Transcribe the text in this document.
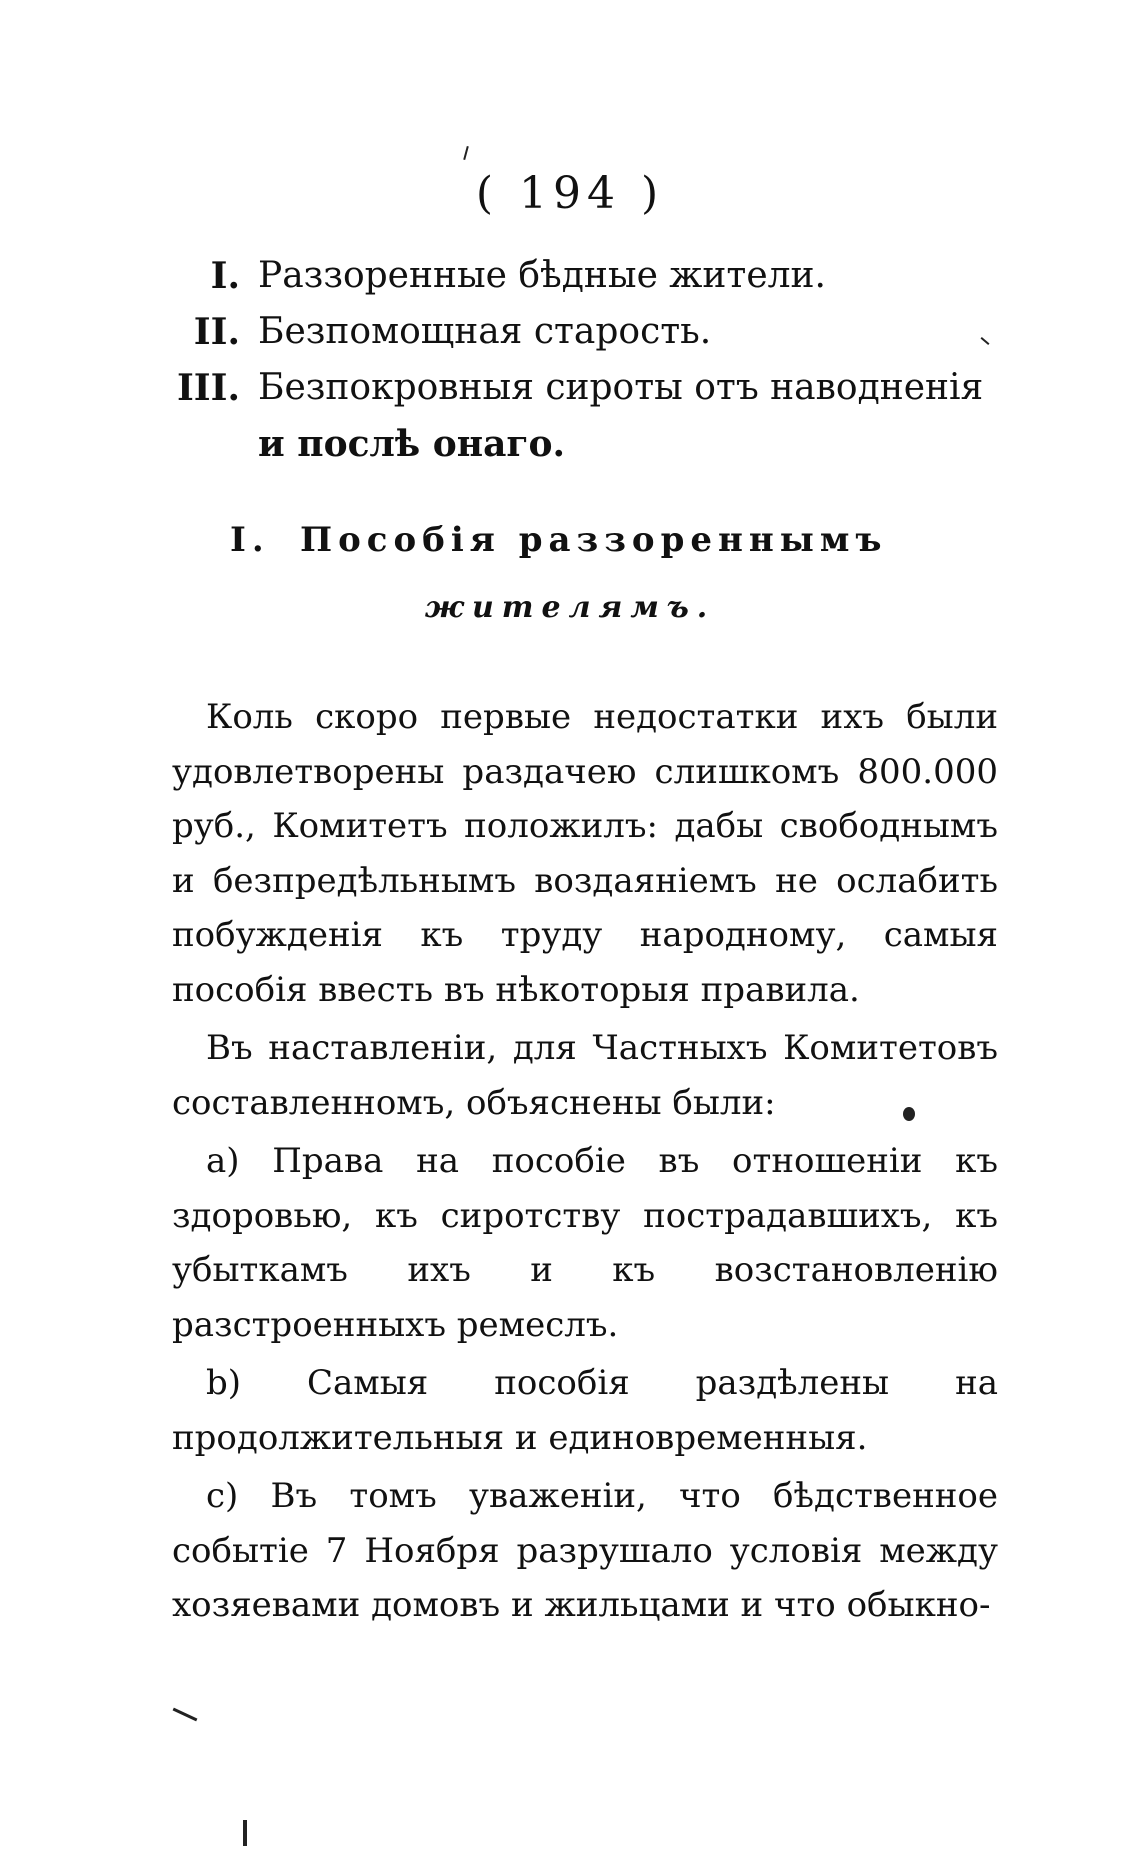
( 194 )
I. Раззоренные бѣдные жители.
II. Безпомощная старость.
III. Безпокровныя сироты отъ наводненія
и послѣ онаго.
I. Пособія раззореннымъ
жителямъ.

Коль скоро первые недостатки ихъ были удовлетворены раздачею слишкомъ 800.000 руб., Комитетъ положилъ: дабы свободнымъ и безпредѣльнымъ воздаяніемъ не ослабить побужденія къ труду народному, самыя пособія ввесть въ нѣкоторыя правила.

Въ наставленіи, для Частныхъ Комитетовъ составленномъ, объяснены были:

а) Права на пособіе въ отношеніи къ здоровью, къ сиротству пострадавшихъ, къ убыткамъ ихъ и къ возстановленію разстроенныхъ ремеслъ.

b) Самыя пособія раздѣлены на продолжительныя и единовременныя.

с) Въ томъ уваженіи, что бѣдственное событіе 7 Ноября разрушало условія между хозяевами домовъ и жильцами и что обыкно-
